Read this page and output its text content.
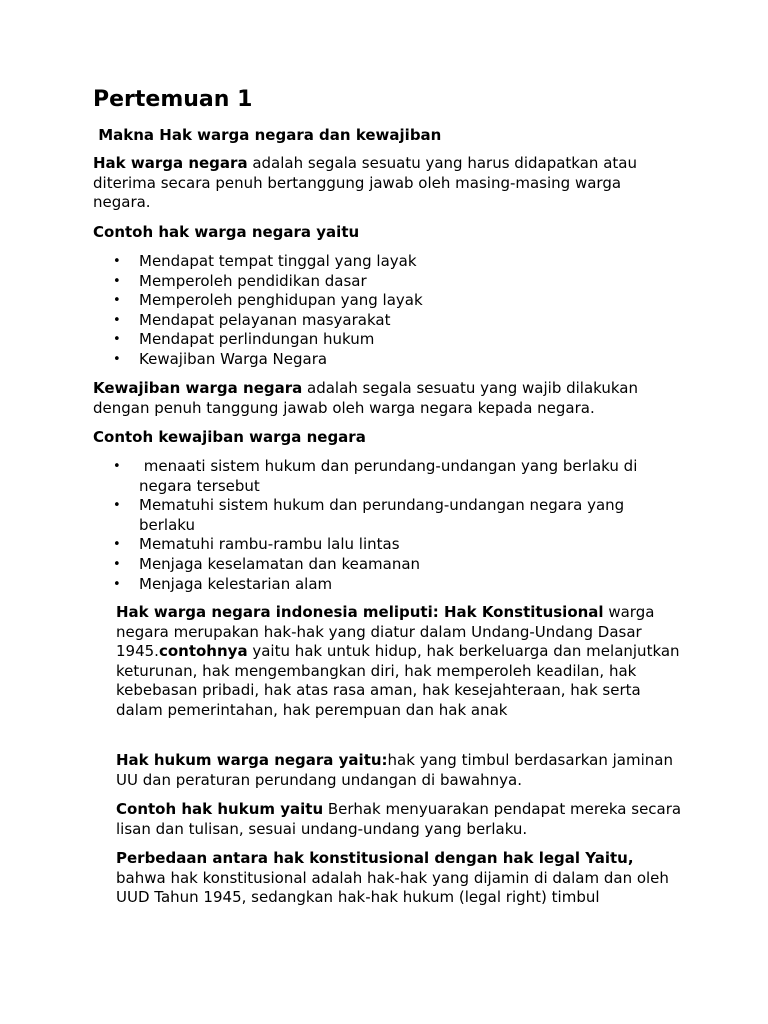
Pertemuan 1

Makna Hak warga negara dan kewajiban

Hak warga negara adalah segala sesuatu yang harus didapatkan atau diterima secara penuh bertanggung jawab oleh masing-masing warga negara.

Contoh hak warga negara yaitu

• Mendapat tempat tinggal yang layak
• Memperoleh pendidikan dasar
• Memperoleh penghidupan yang layak
• Mendapat pelayanan masyarakat
• Mendapat perlindungan hukum
• Kewajiban Warga Negara

Kewajiban warga negara adalah segala sesuatu yang wajib dilakukan dengan penuh tanggung jawab oleh warga negara kepada negara.

Contoh kewajiban warga negara

• menaati sistem hukum dan perundang-undangan yang berlaku di negara tersebut
• Mematuhi sistem hukum dan perundang-undangan negara yang berlaku
• Mematuhi rambu-rambu lalu lintas
• Menjaga keselamatan dan keamanan
• Menjaga kelestarian alam

Hak warga negara indonesia meliputi: Hak Konstitusional warga negara merupakan hak-hak yang diatur dalam Undang-Undang Dasar 1945.contohnya yaitu hak untuk hidup, hak berkeluarga dan melanjutkan keturunan, hak mengembangkan diri, hak memperoleh keadilan, hak kebebasan pribadi, hak atas rasa aman, hak kesejahteraan, hak serta dalam pemerintahan, hak perempuan dan hak anak

Hak hukum warga negara yaitu:hak yang timbul berdasarkan jaminan UU dan peraturan perundang undangan di bawahnya.

Contoh hak hukum yaitu Berhak menyuarakan pendapat mereka secara lisan dan tulisan, sesuai undang-undang yang berlaku.

Perbedaan antara hak konstitusional dengan hak legal Yaitu,
bahwa hak konstitusional adalah hak-hak yang dijamin di dalam dan oleh UUD Tahun 1945, sedangkan hak-hak hukum (legal right) timbul
